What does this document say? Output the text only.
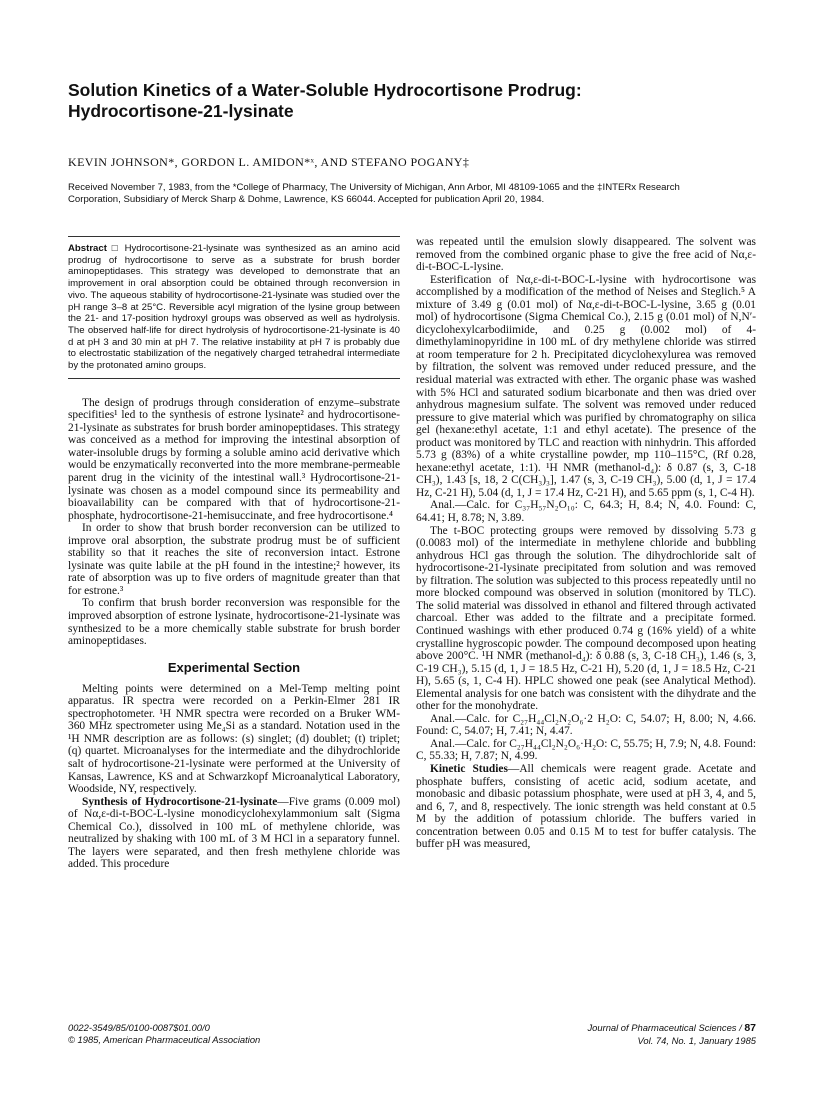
Solution Kinetics of a Water-Soluble Hydrocortisone Prodrug: Hydrocortisone-21-lysinate
KEVIN JOHNSON*, GORDON L. AMIDON*ˣ, AND STEFANO POGANY‡
Received November 7, 1983, from the *College of Pharmacy, The University of Michigan, Ann Arbor, MI 48109-1065 and the ‡INTERx Research
Corporation, Subsidiary of Merck Sharp & Dohme, Lawrence, KS 66044. Accepted for publication April 20, 1984.
Abstract □ Hydrocortisone-21-lysinate was synthesized as an amino acid prodrug of hydrocortisone to serve as a substrate for brush border aminopeptidases. This strategy was developed to demonstrate that an improvement in oral absorption could be obtained through reconversion in vivo. The aqueous stability of hydrocortisone-21-lysinate was studied over the pH range 3–8 at 25°C. Reversible acyl migration of the lysine group between the 21- and 17-position hydroxyl groups was observed as well as hydrolysis. The observed half-life for direct hydrolysis of hydrocortisone-21-lysinate is 40 d at pH 3 and 30 min at pH 7. The relative instability at pH 7 is probably due to electrostatic stabilization of the negatively charged tetrahedral intermediate by the protonated amino groups.

The design of prodrugs through consideration of enzyme–substrate specifities¹ led to the synthesis of estrone lysinate² and hydrocortisone-21-lysinate as substrates for brush border aminopeptidases. This strategy was conceived as a method for improving the intestinal absorption of water-insoluble drugs by forming a soluble amino acid derivative which would be enzymatically reconverted into the more membrane-permeable parent drug in the vicinity of the intestinal wall.³ Hydrocortisone-21-lysinate was chosen as a model compound since its permeability and bioavailability can be compared with that of hydrocortisone-21-phosphate, hydrocortisone-21-hemisuccinate, and free hydrocortisone.⁴

In order to show that brush border reconversion can be utilized to improve oral absorption, the substrate prodrug must be of sufficient stability so that it reaches the site of reconversion intact. Estrone lysinate was quite labile at the pH found in the intestine;² however, its rate of absorption was up to five orders of magnitude greater than that for estrone.³

To confirm that brush border reconversion was responsible for the improved absorption of estrone lysinate, hydrocortisone-21-lysinate was synthesized to be a more chemically stable substrate for brush border aminopeptidases.

Experimental Section

Melting points were determined on a Mel-Temp melting point apparatus. IR spectra were recorded on a Perkin-Elmer 281 IR spectrophotometer. ¹H NMR spectra were recorded on a Bruker WM-360 MHz spectrometer using Me₄Si as a standard. Notation used in the ¹H NMR description are as follows: (s) singlet; (d) doublet; (t) triplet; (q) quartet. Microanalyses for the intermediate and the dihydrochloride salt of hydrocortisone-21-lysinate were performed at the University of Kansas, Lawrence, KS and at Schwarzkopf Microanalytical Laboratory, Woodside, NY, respectively.

Synthesis of Hydrocortisone-21-lysinate—Five grams (0.009 mol) of Nα,ε-di-t-BOC-L-lysine monodicyclohexylammonium salt (Sigma Chemical Co.), dissolved in 100 mL of methylene chloride, was neutralized by shaking with 100 mL of 3 M HCl in a separatory funnel. The layers were separated, and then fresh methylene chloride was added. This procedure

was repeated until the emulsion slowly disappeared. The solvent was removed from the combined organic phase to give the free acid of Nα,ε-di-t-BOC-L-lysine.

Esterification of Nα,ε-di-t-BOC-L-lysine with hydrocortisone was accomplished by a modification of the method of Neises and Steglich.⁵ A mixture of 3.49 g (0.01 mol) of Nα,ε-di-t-BOC-L-lysine, 3.65 g (0.01 mol) of hydrocortisone (Sigma Chemical Co.), 2.15 g (0.01 mol) of N,N′-dicyclohexylcarbodiimide, and 0.25 g (0.002 mol) of 4-dimethylaminopyridine in 100 mL of dry methylene chloride was stirred at room temperature for 2 h. Precipitated dicyclohexylurea was removed by filtration, the solvent was removed under reduced pressure, and the residual material was extracted with ether. The organic phase was washed with 5% HCl and saturated sodium bicarbonate and then was dried over anhydrous magnesium sulfate. The solvent was removed under reduced pressure to give material which was purified by chromatography on silica gel (hexane:ethyl acetate, 1:1 and ethyl acetate). The presence of the product was monitored by TLC and reaction with ninhydrin. This afforded 5.73 g (83%) of a white crystalline powder, mp 110–115°C, (Rf 0.28, hexane:ethyl acetate, 1:1). ¹H NMR (methanol-d₄): δ 0.87 (s, 3, C-18 CH₃), 1.43 [s, 18, 2 C(CH₃)₃], 1.47 (s, 3, C-19 CH₃), 5.00 (d, 1, J = 17.4 Hz, C-21 H), 5.04 (d, 1, J = 17.4 Hz, C-21 H), and 5.65 ppm (s, 1, C-4 H).

Anal.—Calc. for C₃₇H₅₇N₂O₁₀: C, 64.3; H, 8.4; N, 4.0. Found: C, 64.41; H, 8.78; N, 3.89.

The t-BOC protecting groups were removed by dissolving 5.73 g (0.0083 mol) of the intermediate in methylene chloride and bubbling anhydrous HCl gas through the solution. The dihydrochloride salt of hydrocortisone-21-lysinate precipitated from solution and was removed by filtration. The solution was subjected to this process repeatedly until no more blocked compound was observed in solution (monitored by TLC). The solid material was dissolved in ethanol and filtered through activated charcoal. Ether was added to the filtrate and a precipitate formed. Continued washings with ether produced 0.74 g (16% yield) of a white crystalline hygroscopic powder. The compound decomposed upon heating above 200°C. ¹H NMR (methanol-d₄): δ 0.88 (s, 3, C-18 CH₃), 1.46 (s, 3, C-19 CH₃), 5.15 (d, 1, J = 18.5 Hz, C-21 H), 5.20 (d, 1, J = 18.5 Hz, C-21 H), 5.65 (s, 1, C-4 H). HPLC showed one peak (see Analytical Method). Elemental analysis for one batch was consistent with the dihydrate and the other for the monohydrate.

Anal.—Calc. for C₂₇H₄₄Cl₂N₂O₆·2 H₂O: C, 54.07; H, 8.00; N, 4.66. Found: C, 54.07; H, 7.41; N, 4.47.

Anal.—Calc. for C₂₇H₄₄Cl₂N₂O₆·H₂O: C, 55.75; H, 7.9; N, 4.8. Found: C, 55.33; H, 7.87; N, 4.99.

Kinetic Studies—All chemicals were reagent grade. Acetate and phosphate buffers, consisting of acetic acid, sodium acetate, and monobasic and dibasic potassium phosphate, were used at pH 3, 4, and 5, and 6, 7, and 8, respectively. The ionic strength was held constant at 0.5 M by the addition of potassium chloride. The buffers varied in concentration between 0.05 and 0.15 M to test for buffer catalysis. The buffer pH was measured,

0022-3549/85/0100-0087$01.00/0
© 1985, American Pharmaceutical Association
Journal of Pharmaceutical Sciences / 87
Vol. 74, No. 1, January 1985
